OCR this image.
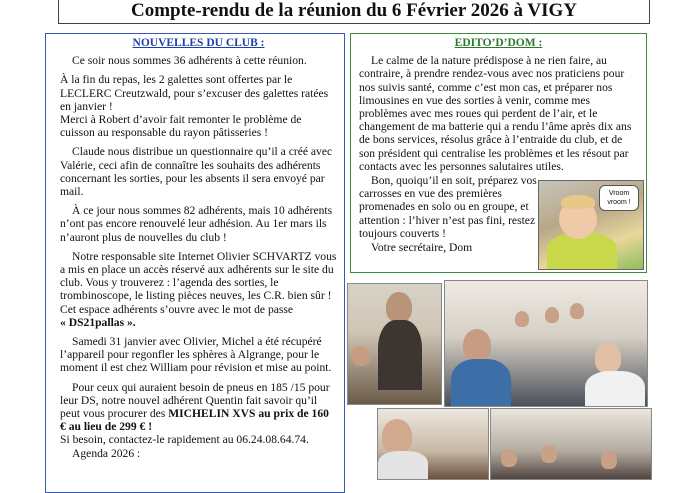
Compte-rendu de la réunion du 6 Février 2026 à VIGY
NOUVELLES DU CLUB :

Ce soir nous sommes 36 adhérents à cette réunion.

À la fin du repas, les 2 galettes sont offertes par le LECLERC Creutzwald, pour s’excuser des galettes ratées en janvier !

Merci à Robert d’avoir fait remonter le problème de cuisson au responsable du rayon pâtisseries !

Claude nous distribue un questionnaire qu’il a créé avec Valérie, ceci afin de connaître les souhaits des adhérents concernant les sorties, pour les absents il sera envoyé par mail.

À ce jour nous sommes 82 adhérents, mais 10 adhérents n’ont pas encore renouvelé leur adhésion. Au 1er mars ils n’auront plus de nouvelles du club !

Notre responsable site Internet Olivier SCHVARTZ vous a mis en place un accès réservé aux adhérents sur le site du club. Vous y trouverez : l’agenda des sorties, le trombinoscope, le listing pièces neuves, les C.R. bien sûr ! Cet espace adhérents s’ouvre avec le mot de passe
« DS21pallas ».

Samedi 31 janvier avec Olivier, Michel a été récupéré l’appareil pour regonfler les sphères à Algrange, pour le moment il est chez William pour révision et mise au point.

Pour ceux qui auraient besoin de pneus en 185 /15 pour leur DS, notre nouvel adhérent Quentin fait savoir qu’il peut vous procurer des MICHELIN XVS au prix de 160 € au lieu de 299 € !

Si besoin, contactez-le rapidement au 06.24.08.64.74.

Agenda 2026 :

EDITO’D’DOM :

Le calme de la nature prédispose à ne rien faire, au contraire, à prendre rendez-vous avec nos praticiens pour nos suivis santé, comme c’est mon cas, et préparer nos limousines en vue des sorties à venir, comme mes problèmes avec mes roues qui perdent de l’air, et le changement de ma batterie qui a rendu l’âme après dix ans de bons services, résolus grâce à l’entraide du club, et de son président qui centralise les problèmes et les résout par contacts avec les personnes salutaires utiles.

Bon, quoiqu’il en soit, préparez vos carrosses en vue des premières promenades en solo ou en groupe, et attention : l’hiver n’est pas fini, restez toujours couverts !

Votre secrétaire, Dom

Vroom vroom !
